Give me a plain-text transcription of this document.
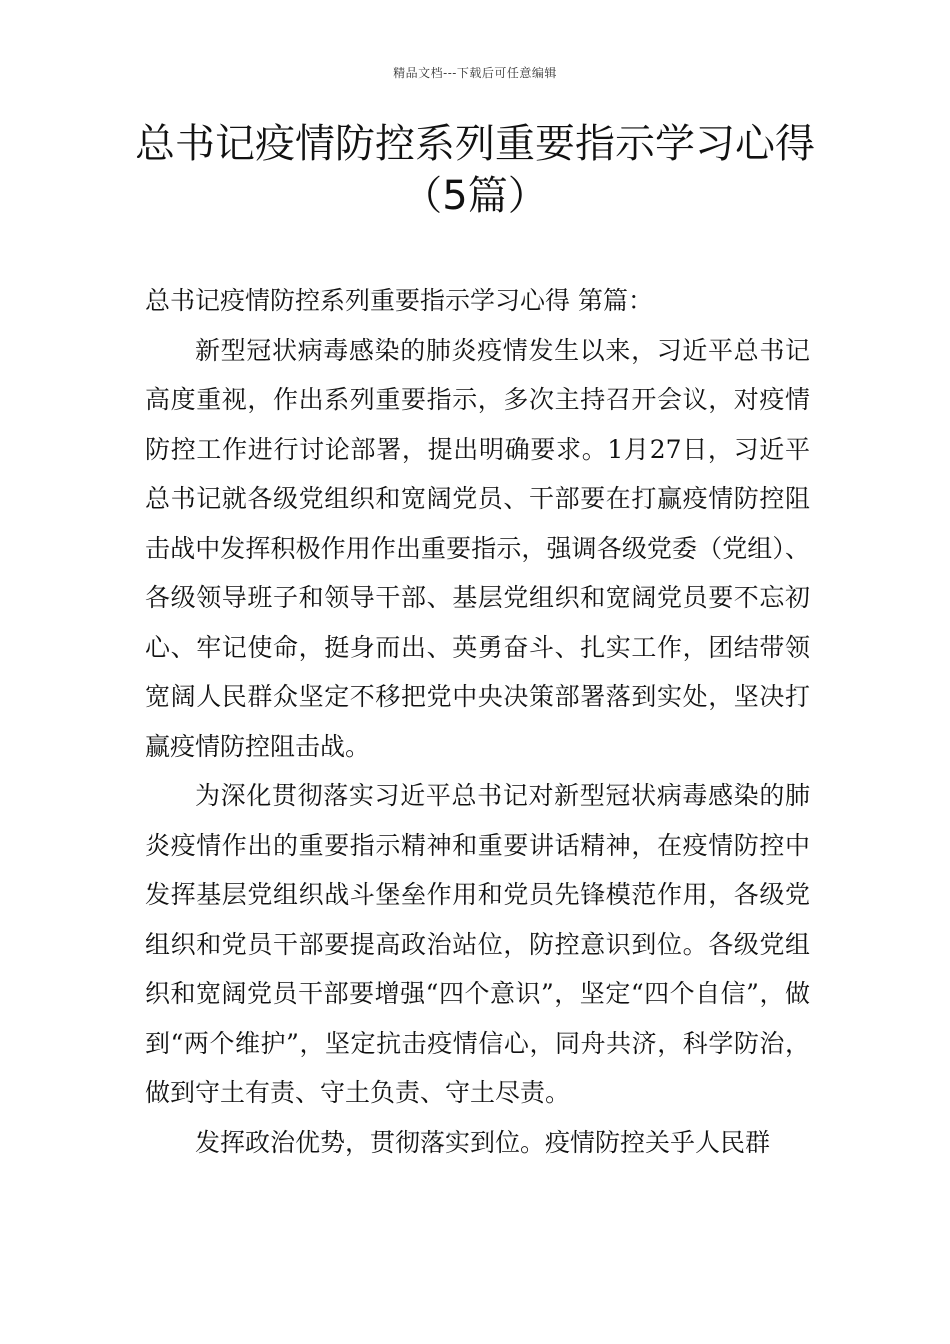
精品文档---下载后可任意编辑
总书记疫情防控系列重要指示学习心得
（5篇）

总书记疫情防控系列重要指示学习心得 第篇：

新型冠状病毒感染的肺炎疫情发生以来，习近平总书记高度重视，作出系列重要指示，多次主持召开会议，对疫情防控工作进行讨论部署，提出明确要求。1月27日，习近平总书记就各级党组织和宽阔党员、干部要在打赢疫情防控阻击战中发挥积极作用作出重要指示，强调各级党委（党组）、各级领导班子和领导干部、基层党组织和宽阔党员要不忘初心、牢记使命，挺身而出、英勇奋斗、扎实工作，团结带领宽阔人民群众坚定不移把党中央决策部署落到实处，坚决打赢疫情防控阻击战。

为深化贯彻落实习近平总书记对新型冠状病毒感染的肺炎疫情作出的重要指示精神和重要讲话精神，在疫情防控中发挥基层党组织战斗堡垒作用和党员先锋模范作用，各级党组织和党员干部要提高政治站位，防控意识到位。各级党组织和宽阔党员干部要增强“四个意识”，坚定“四个自信”，做到“两个维护”，坚定抗击疫情信心，同舟共济，科学防治，做到守土有责、守土负责、守土尽责。

发挥政治优势，贯彻落实到位。疫情防控关乎人民群
